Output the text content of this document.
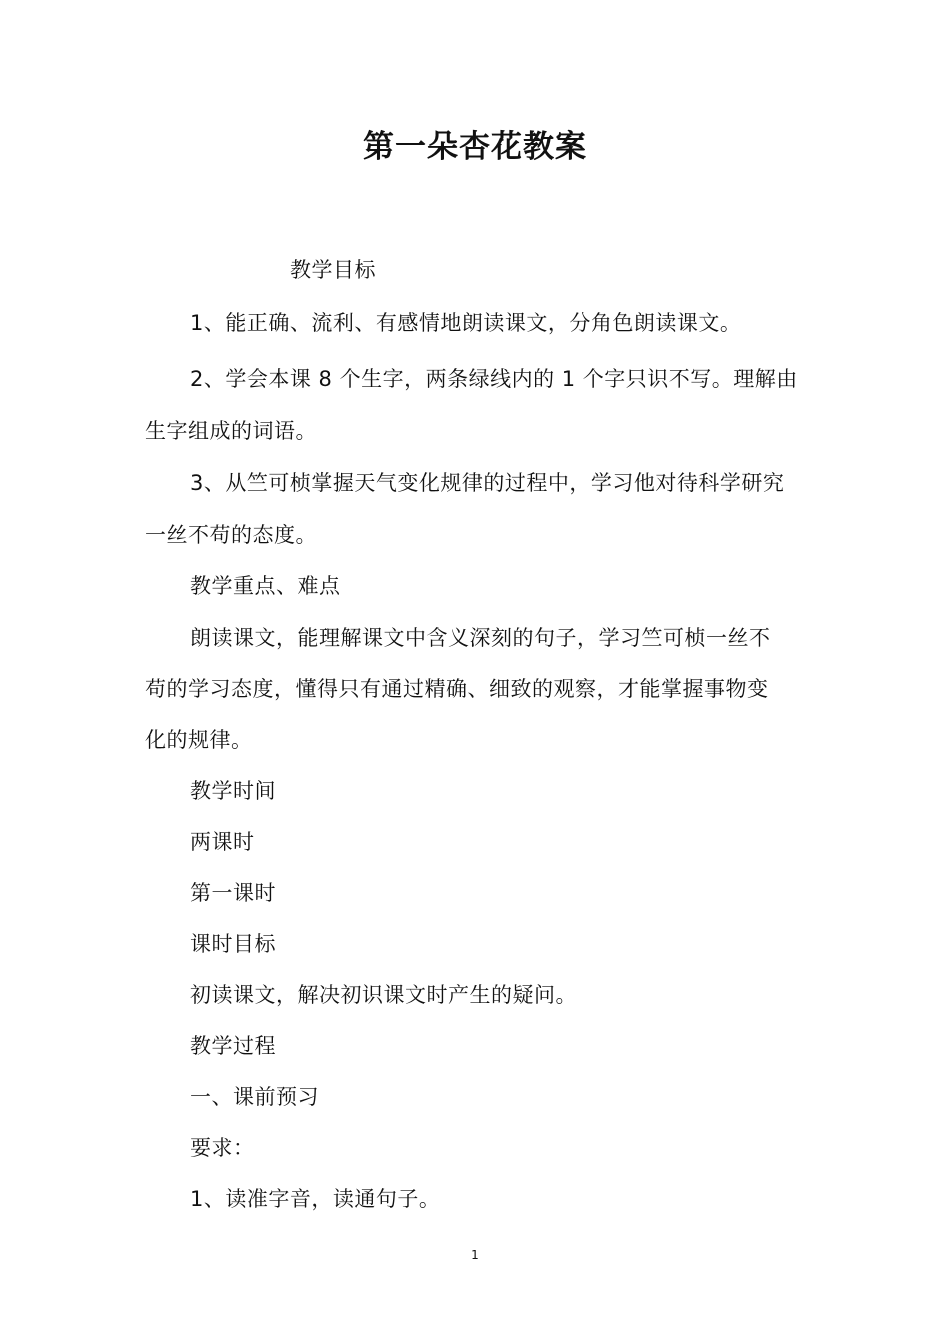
第一朵杏花教案
教学目标
1、能正确、流利、有感情地朗读课文，分角色朗读课文。
2、学会本课 8 个生字，两条绿线内的 1 个字只识不写。理解由
生字组成的词语。
3、从竺可桢掌握天气变化规律的过程中，学习他对待科学研究
一丝不苟的态度。
教学重点、难点
朗读课文，能理解课文中含义深刻的句子，学习竺可桢一丝不
苟的学习态度，懂得只有通过精确、细致的观察，才能掌握事物变
化的规律。
教学时间
两课时
第一课时
课时目标
初读课文，解决初识课文时产生的疑问。
教学过程
一、课前预习
要求：
1、读准字音，读通句子。
1
